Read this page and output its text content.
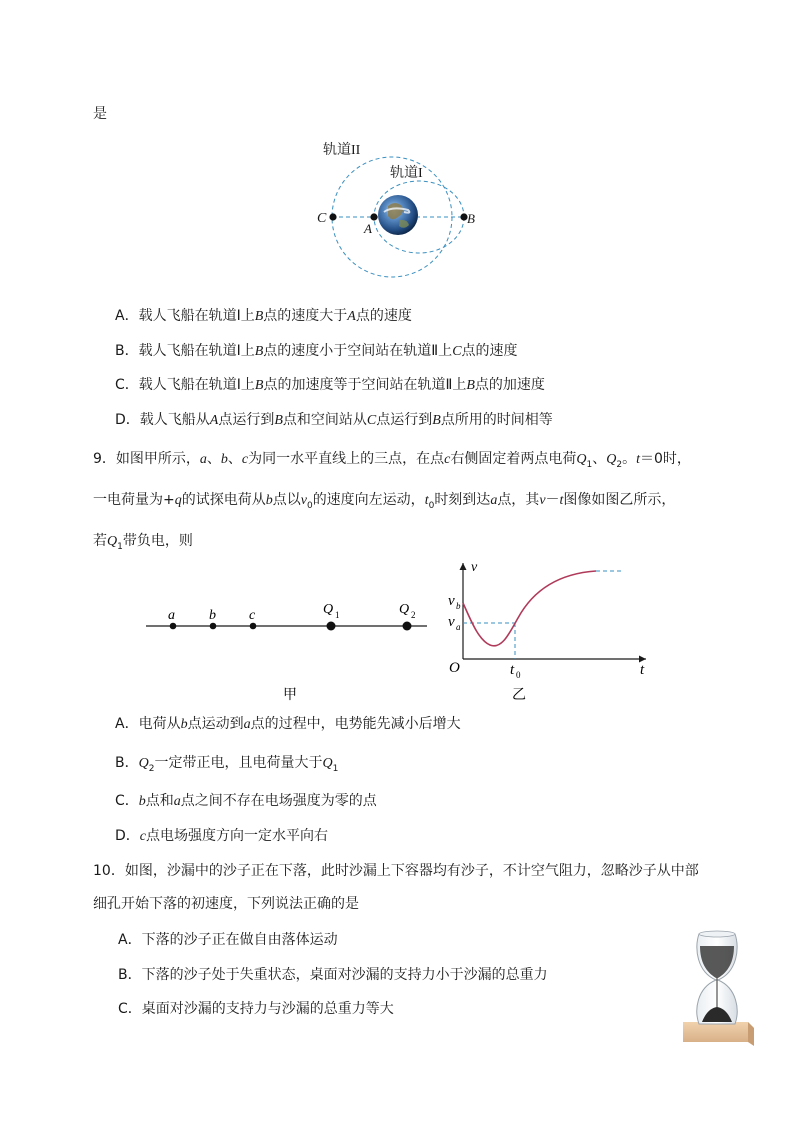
是
轨道II
轨道I
C
A
B
A．载人飞船在轨道Ⅰ上B点的速度大于A点的速度
B．载人飞船在轨道Ⅰ上B点的速度小于空间站在轨道Ⅱ上C点的速度
C．载人飞船在轨道Ⅰ上B点的加速度等于空间站在轨道Ⅱ上B点的加速度
D．载人飞船从A点运行到B点和空间站从C点运行到B点所用的时间相等
9．如图甲所示，a、b、c为同一水平直线上的三点，在点c右侧固定着两点电荷$Q_1$、$Q_2$。t＝0时，
一电荷量为+q的试探电荷从b点以$v_0$的速度向左运动，$t_0$时刻到达a点，其v－t图像如图乙所示，
若$Q_1$带负电，则
a b c	Q 1	Q 2
甲
v
t
O
v b
v a
t 0
乙
A．电荷从b点运动到a点的过程中，电势能先减小后增大
B．$Q_2$一定带正电，且电荷量大于$Q_1$
C．b点和a点之间不存在电场强度为零的点
D．c点电场强度方向一定水平向右
10．如图，沙漏中的沙子正在下落，此时沙漏上下容器均有沙子，不计空气阻力，忽略沙子从中部
细孔开始下落的初速度，下列说法正确的是
A．下落的沙子正在做自由落体运动
B．下落的沙子处于失重状态，桌面对沙漏的支持力小于沙漏的总重力
C．桌面对沙漏的支持力与沙漏的总重力等大
